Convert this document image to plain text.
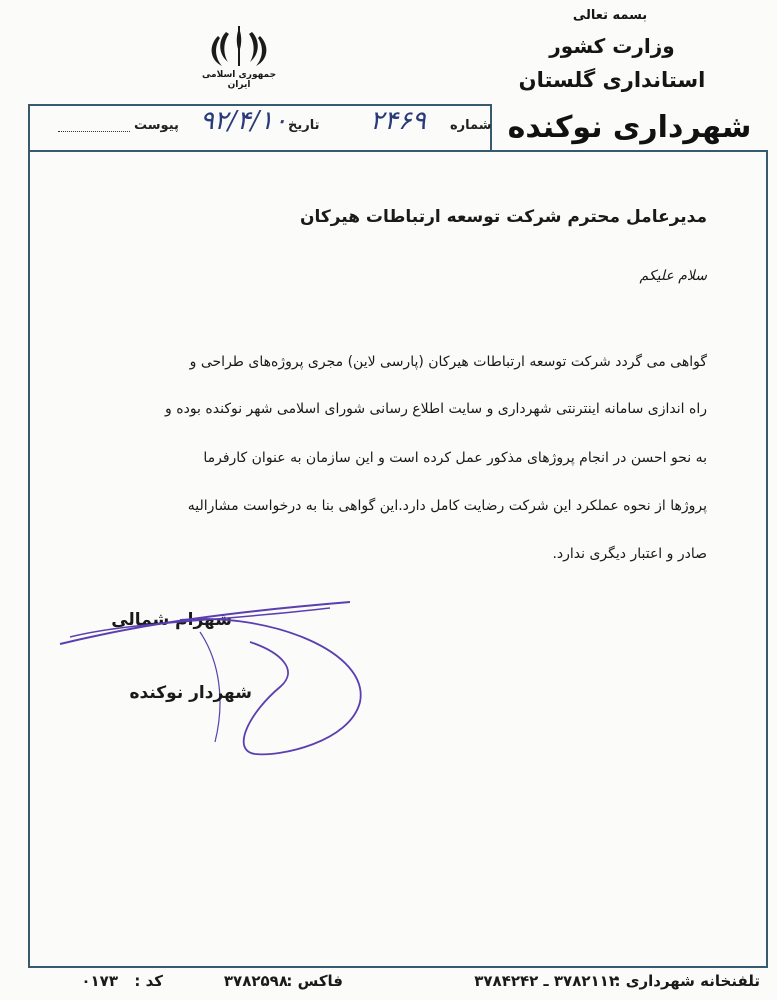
بسمه تعالی
وزارت کشور
استانداری گلستان
جمهوری اسلامی ایران
شهرداری نوکنده
شماره
۲۴۶۹
تاریخ
۹۲/۴/۱۰
پیوست
مدیرعامل محترم شرکت توسعه ارتباطات هیرکان
سلام علیکم
گواهی می گردد شرکت توسعه ارتباطات هیرکان (پارسی لاین) مجری پروژه‌های طراحی و
راه اندازی سامانه اینترنتی شهرداری و سایت اطلاع رسانی شورای اسلامی شهر نوکنده بوده و
به نحو احسن در انجام پروژهای مذکور عمل کرده است و این سازمان به عنوان کارفرما
پروژها از نحوه عملکرد این شرکت رضایت کامل دارد.این گواهی بنا به درخواست مشارالیه
صادر و اعتبار دیگری ندارد.
شهرام شمالی
شهردار نوکنده
تلفنخانه شهرداری :
۳۷۸۲۱۱۲ ـ ۳۷۸۴۲۴۲
فاکس :
۳۷۸۲۵۹۸
کد :
۰۱۷۳
